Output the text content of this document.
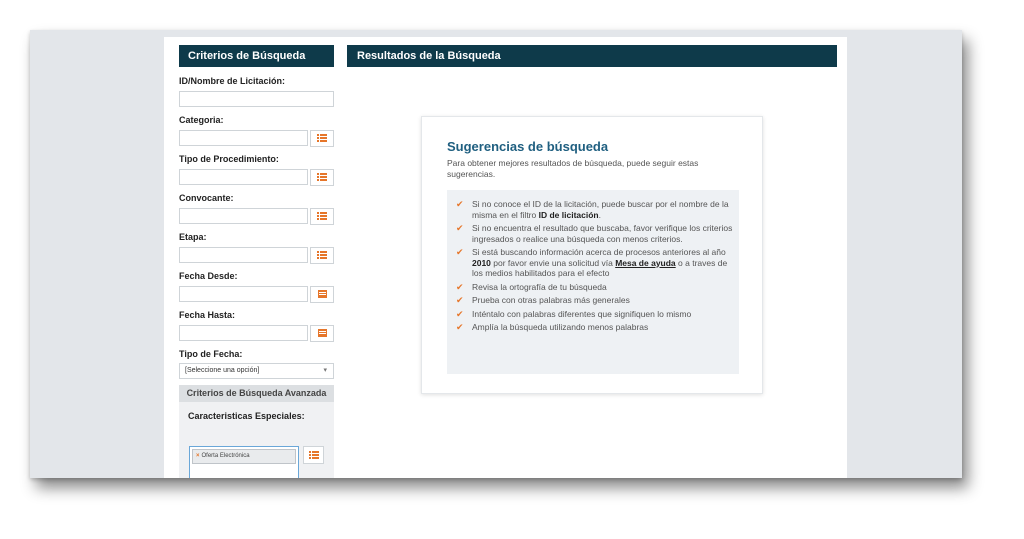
Criterios de Búsqueda
ID/Nombre de Licitación:
Categoria:
Tipo de Procedimiento:
Convocante:
Etapa:
Fecha Desde:
Fecha Hasta:
Tipo de Fecha:
[Seleccione una opción]	▾
Criterios de Búsqueda Avanzada
Caracteristicas Especiales:
× Oferta Electrónica
Resultados de la Búsqueda
Sugerencias de búsqueda
Para obtener mejores resultados de búsqueda, puede seguir estas sugerencias.
✔ Si no conoce el ID de la licitación, puede buscar por el nombre de la misma en el filtro ID de licitación.
✔ Si no encuentra el resultado que buscaba, favor verifique los criterios ingresados o realice una búsqueda con menos criterios.
✔ Si está buscando información acerca de procesos anteriores al año 2010 por favor envie una solicitud vía Mesa de ayuda o a traves de los medios habilitados para el efecto
✔ Revisa la ortografía de tu búsqueda
✔ Prueba con otras palabras más generales
✔ Inténtalo con palabras diferentes que signifiquen lo mismo
✔ Amplía la búsqueda utilizando menos palabras
